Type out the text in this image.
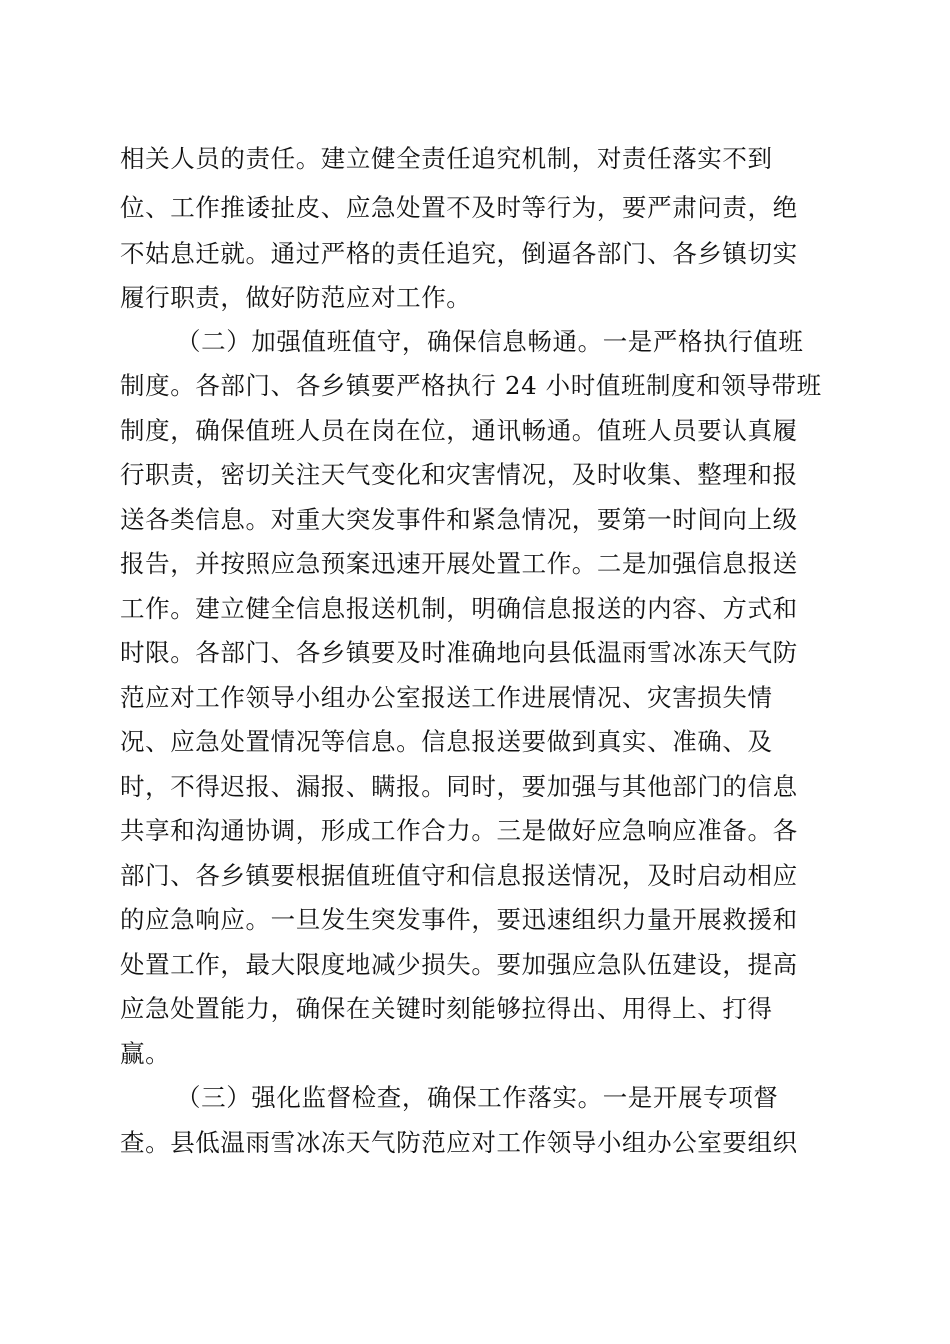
相关人员的责任。建立健全责任追究机制，对责任落实不到

位、工作推诿扯皮、应急处置不及时等行为，要严肃问责，绝

不姑息迁就。通过严格的责任追究，倒逼各部门、各乡镇切实

履行职责，做好防范应对工作。

（二）加强值班值守，确保信息畅通。一是严格执行值班

制度。各部门、各乡镇要严格执行 24 小时值班制度和领导带班

制度，确保值班人员在岗在位，通讯畅通。值班人员要认真履

行职责，密切关注天气变化和灾害情况，及时收集、整理和报

送各类信息。对重大突发事件和紧急情况，要第一时间向上级

报告，并按照应急预案迅速开展处置工作。二是加强信息报送

工作。建立健全信息报送机制，明确信息报送的内容、方式和

时限。各部门、各乡镇要及时准确地向县低温雨雪冰冻天气防

范应对工作领导小组办公室报送工作进展情况、灾害损失情

况、应急处置情况等信息。信息报送要做到真实、准确、及

时，不得迟报、漏报、瞒报。同时，要加强与其他部门的信息

共享和沟通协调，形成工作合力。三是做好应急响应准备。各

部门、各乡镇要根据值班值守和信息报送情况，及时启动相应

的应急响应。一旦发生突发事件，要迅速组织力量开展救援和

处置工作，最大限度地减少损失。要加强应急队伍建设，提高

应急处置能力，确保在关键时刻能够拉得出、用得上、打得

赢。

（三）强化监督检查，确保工作落实。一是开展专项督

查。县低温雨雪冰冻天气防范应对工作领导小组办公室要组织
